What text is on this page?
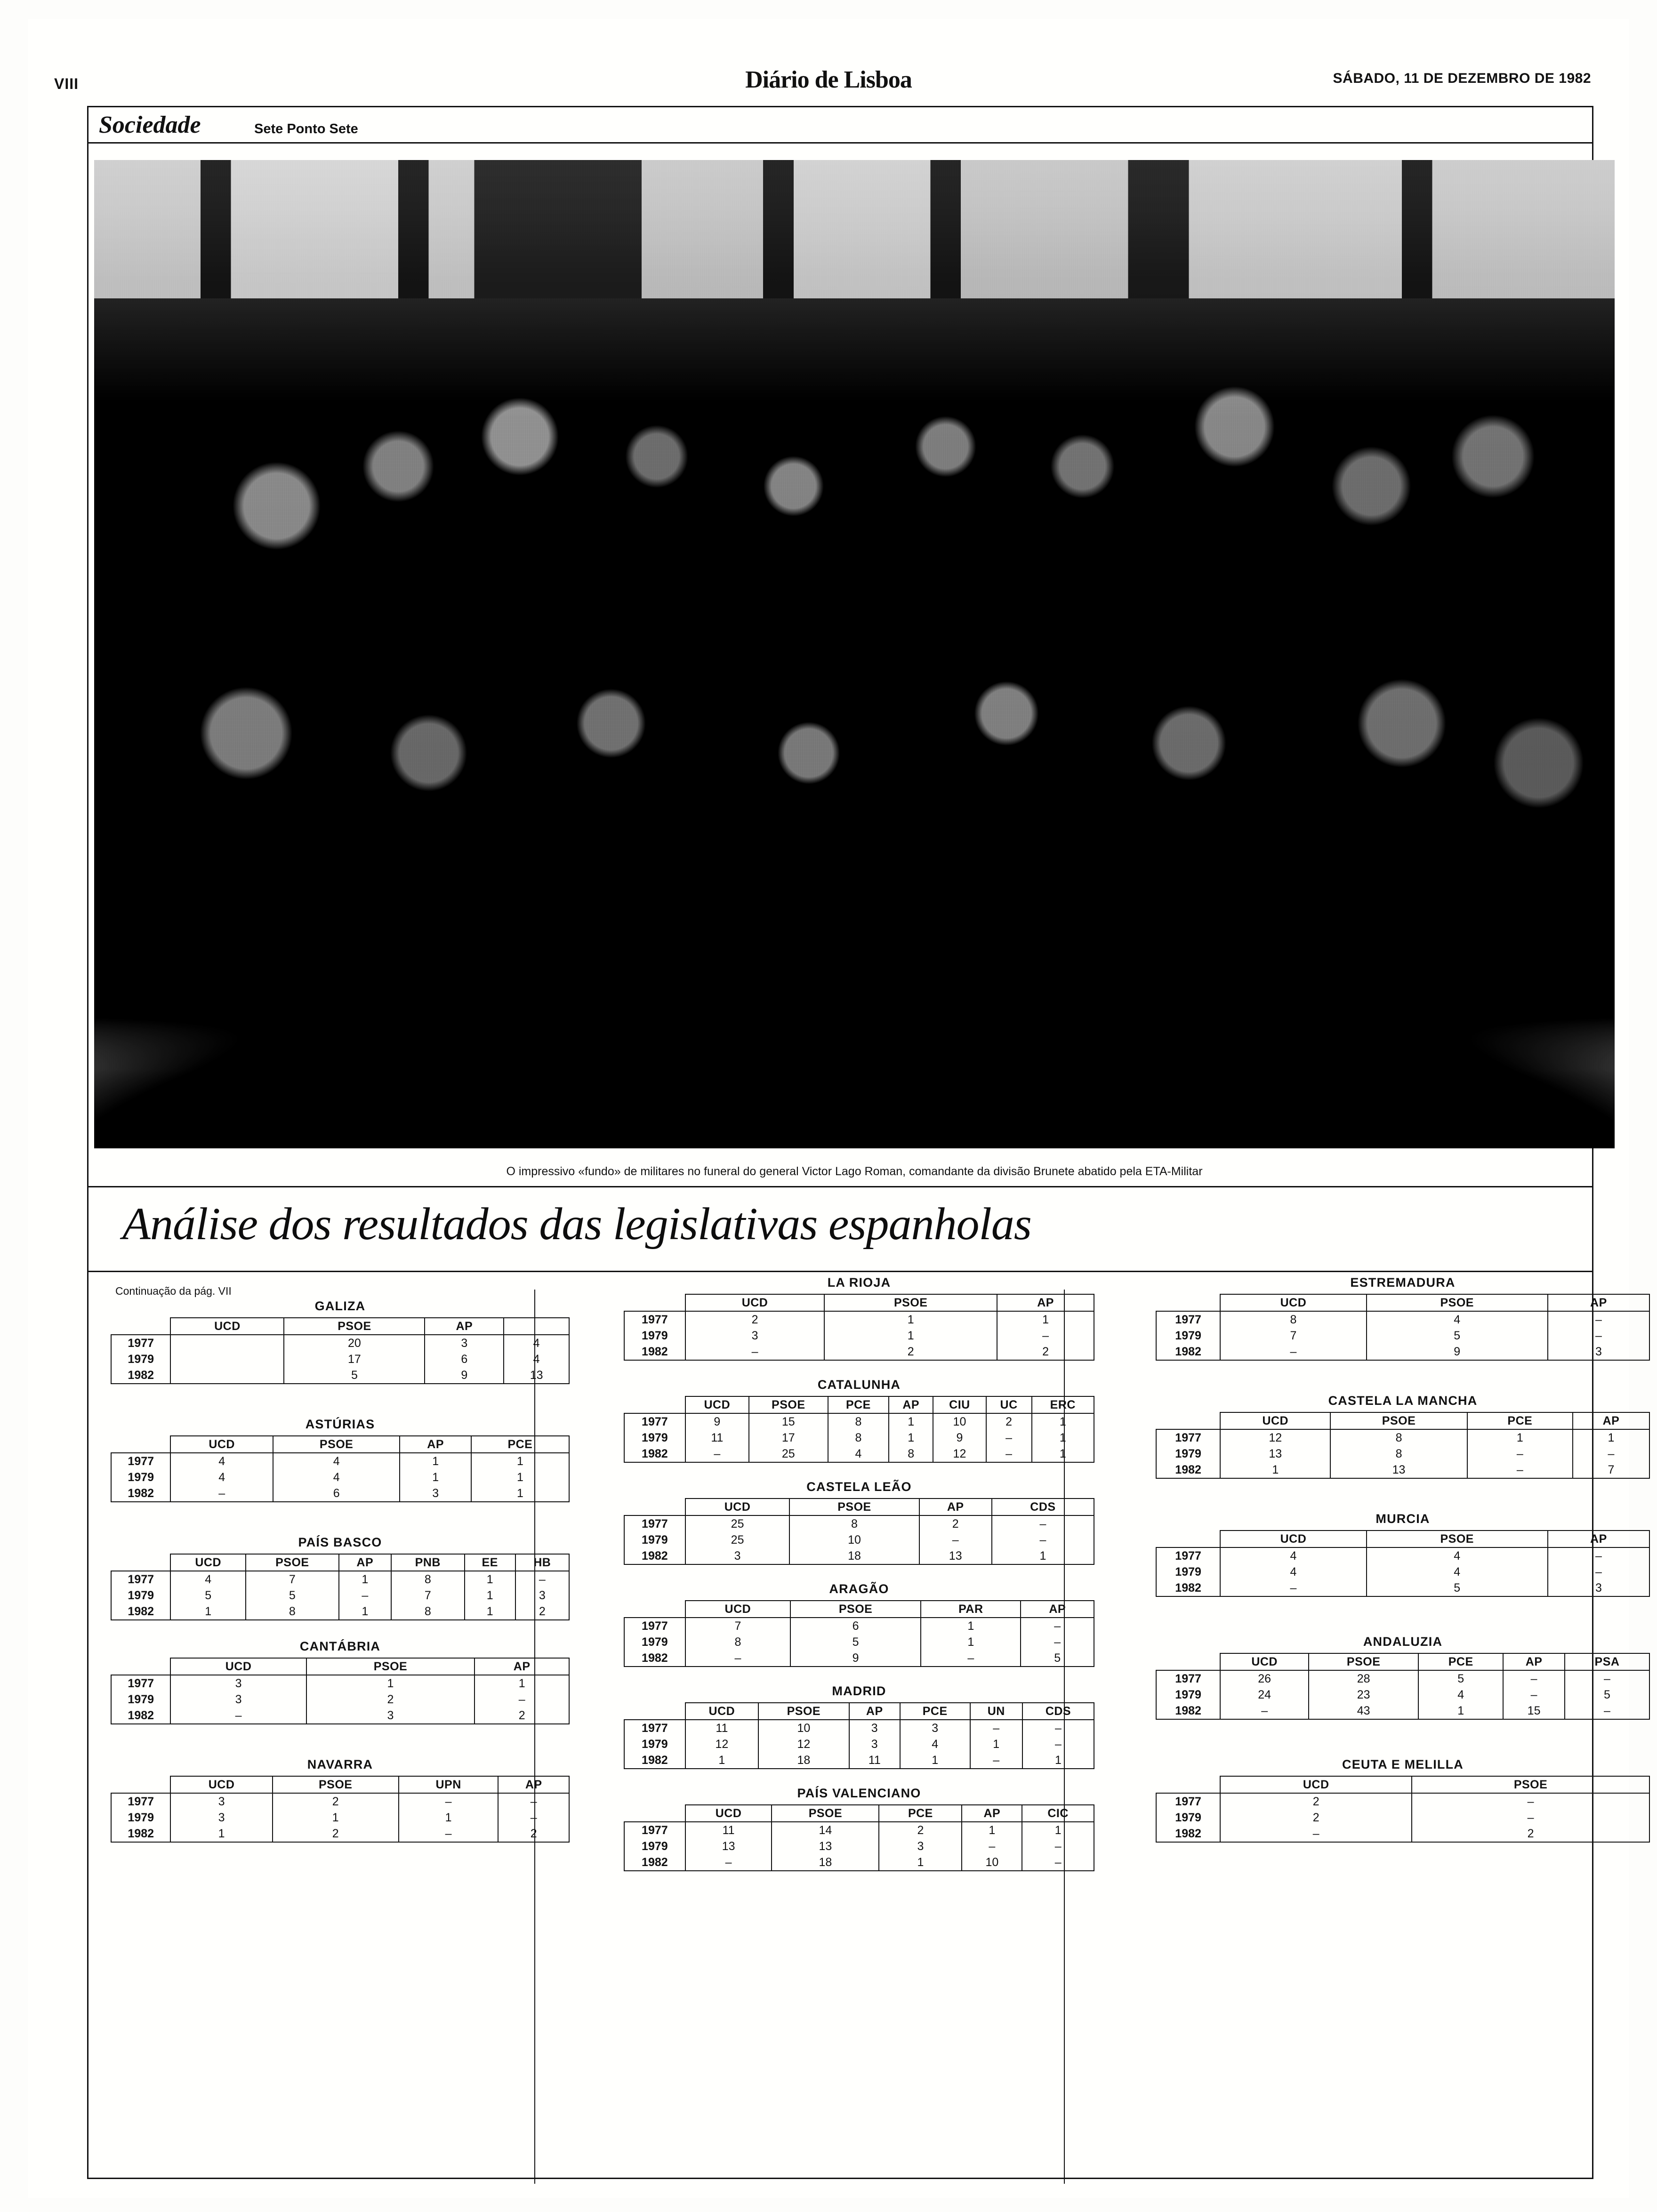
VIII	Diário de Lisboa	SÁBADO, 11 DE DEZEMBRO DE 1982
Sociedade	Sete Ponto Sete
O impressivo «fundo» de militares no funeral do general Victor Lago Roman, comandante da divisão Brunete abatido pela ETA-Militar
Análise dos resultados das legislativas espanholas
Continuação da pág. VII
GALIZA
	UCD	PSOE	AP	
1977		20	3	4
1979		17	6	4
1982		5	9	13
ASTÚRIAS
	UCD	PSOE	AP	PCE
1977	4	4	1	1
1979	4	4	1	1
1982	–	6	3	1
PAÍS BASCO
	UCD	PSOE	AP	PNB	EE	HB
1977	4	7	1	8	1	–
1979	5	5	–	7	1	3
1982	1	8	1	8	1	2
CANTÁBRIA
	UCD	PSOE	AP
1977	3	1	1
1979	3	2	–
1982	–	3	2
NAVARRA
	UCD	PSOE	UPN	AP
1977	3	2	–	–
1979	3	1	1	–
1982	1	2	–	2
LA RIOJA
	UCD	PSOE	AP
1977	2	1	1
1979	3	1	–
1982	–	2	2
CATALUNHA
	UCD	PSOE	PCE	AP	CIU	UC	ERC
1977	9	15	8	1	10	2	1
1979	11	17	8	1	9	–	1
1982	–	25	4	8	12	–	1
CASTELA LEÃO
	UCD	PSOE	AP	CDS
1977	25	8	2	–
1979	25	10	–	–
1982	3	18	13	1
ARAGÃO
	UCD	PSOE	PAR	AP
1977	7	6	1	–
1979	8	5	1	–
1982	–	9	–	5
MADRID
	UCD	PSOE	AP	PCE	UN	CDS
1977	11	10	3	3	–	–
1979	12	12	3	4	1	–
1982	1	18	11	1	–	1
PAÍS VALENCIANO
	UCD	PSOE	PCE	AP	CIC
1977	11	14	2	1	1
1979	13	13	3	–	–
1982	–	18	1	10	–
ESTREMADURA
	UCD	PSOE	AP
1977	8	4	–
1979	7	5	–
1982	–	9	3
CASTELA LA MANCHA
	UCD	PSOE	PCE	AP
1977	12	8	1	1
1979	13	8	–	–
1982	1	13	–	7
MURCIA
	UCD	PSOE	AP
1977	4	4	–
1979	4	4	–
1982	–	5	3
ANDALUZIA
	UCD	PSOE	PCE	AP	PSA
1977	26	28	5	–	–
1979	24	23	4	–	5
1982	–	43	1	15	–
CEUTA E MELILLA
	UCD	PSOE
1977	2	–
1979	2	–
1982	–	2
